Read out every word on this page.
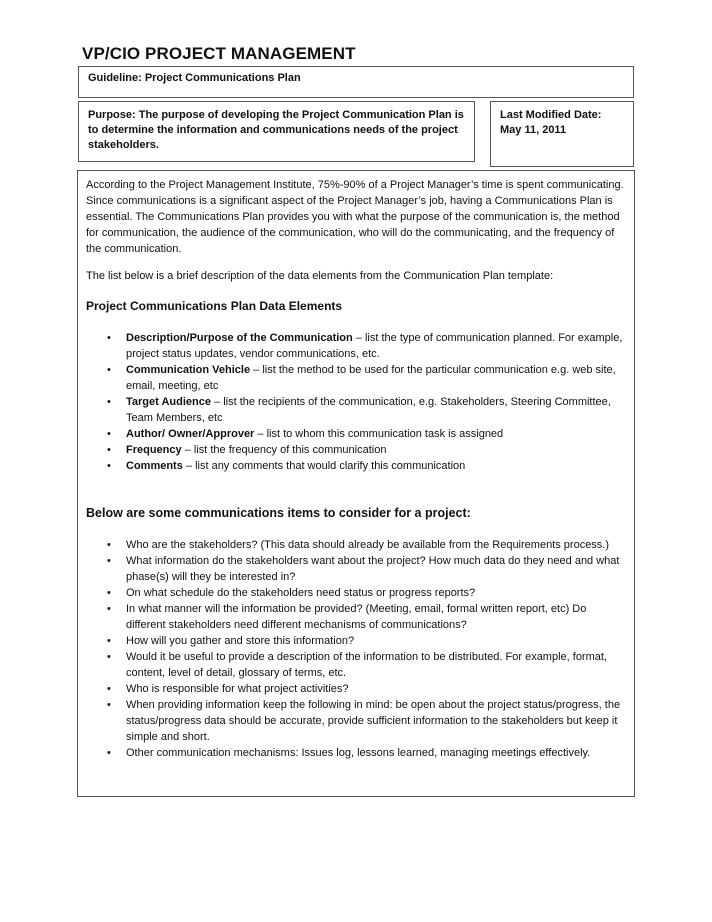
VP/CIO PROJECT MANAGEMENT
Guideline: Project Communications Plan
Purpose: The purpose of developing the Project Communication Plan is to determine the information and communications needs of the project stakeholders.
Last Modified Date:
May 11, 2011

According to the Project Management Institute, 75%-90% of a Project Manager’s time is spent communicating. Since communications is a significant aspect of the Project Manager’s job, having a Communications Plan is essential. The Communications Plan provides you with what the purpose of the communication is, the method for communication, the audience of the communication, who will do the communicating, and the frequency of the communication.

The list below is a brief description of the data elements from the Communication Plan template:

Project Communications Plan Data Elements
• Description/Purpose of the Communication – list the type of communication planned. For example, project status updates, vendor communications, etc.
• Communication Vehicle – list the method to be used for the particular communication e.g. web site, email, meeting, etc
• Target Audience – list the recipients of the communication, e.g. Stakeholders, Steering Committee, Team Members, etc
• Author/ Owner/Approver – list to whom this communication task is assigned
• Frequency – list the frequency of this communication
• Comments – list any comments that would clarify this communication
Below are some communications items to consider for a project:
• Who are the stakeholders? (This data should already be available from the Requirements process.)
• What information do the stakeholders want about the project? How much data do they need and what phase(s) will they be interested in?
• On what schedule do the stakeholders need status or progress reports?
• In what manner will the information be provided? (Meeting, email, formal written report, etc) Do different stakeholders need different mechanisms of communications?
• How will you gather and store this information?
• Would it be useful to provide a description of the information to be distributed. For example, format, content, level of detail, glossary of terms, etc.
• Who is responsible for what project activities?
• When providing information keep the following in mind: be open about the project status/progress, the status/progress data should be accurate, provide sufficient information to the stakeholders but keep it simple and short.
• Other communication mechanisms: Issues log, lessons learned, managing meetings effectively.
